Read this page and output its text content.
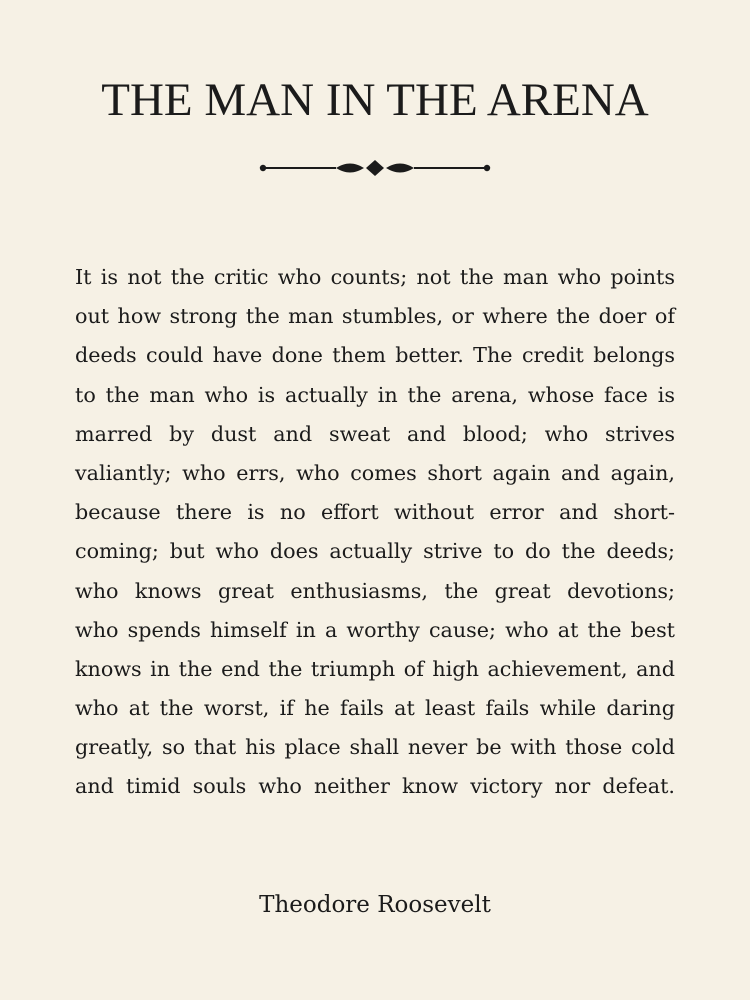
THE MAN IN THE ARENA
It is not the critic who counts; not the man who points
out how strong the man stumbles, or where the doer of
deeds could have done them better. The credit belongs
to the man who is actually in the arena, whose face is
marred by dust and sweat and blood; who strives
valiantly; who errs, who comes short again and again,
because there is no effort without error and short-
coming; but who does actually strive to do the deeds;
who knows great enthusiasms, the great devotions;
who spends himself in a worthy cause; who at the best
knows in the end the triumph of high achievement, and
who at the worst, if he fails at least fails while daring
greatly, so that his place shall never be with those cold
and timid souls who neither know victory nor defeat.
Theodore Roosevelt
